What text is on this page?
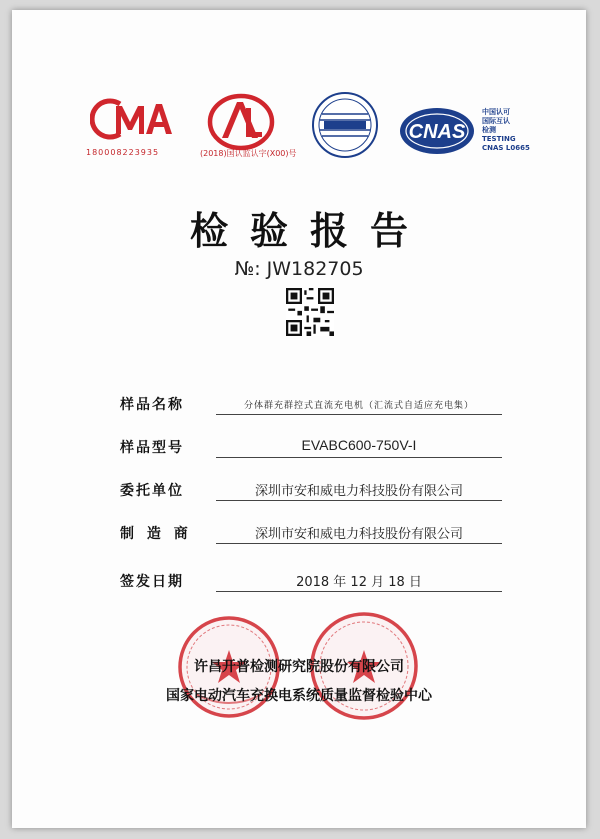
180008223935	(2018)国认监认字(X00)号
CNAS
中国认可
国际互认
检测
TESTING
CNAS L0665
检验报告
№: JW182705
样品名称	分体群充群控式直流充电机（汇流式自适应充电集）
样品型号	EVABC600-750V-I
委托单位	深圳市安和威电力科技股份有限公司
制 造 商	深圳市安和威电力科技股份有限公司
签发日期	2018 年 12 月 18 日
许昌开普检测研究院股份有限公司
国家电动汽车充换电系统质量监督检验中心
